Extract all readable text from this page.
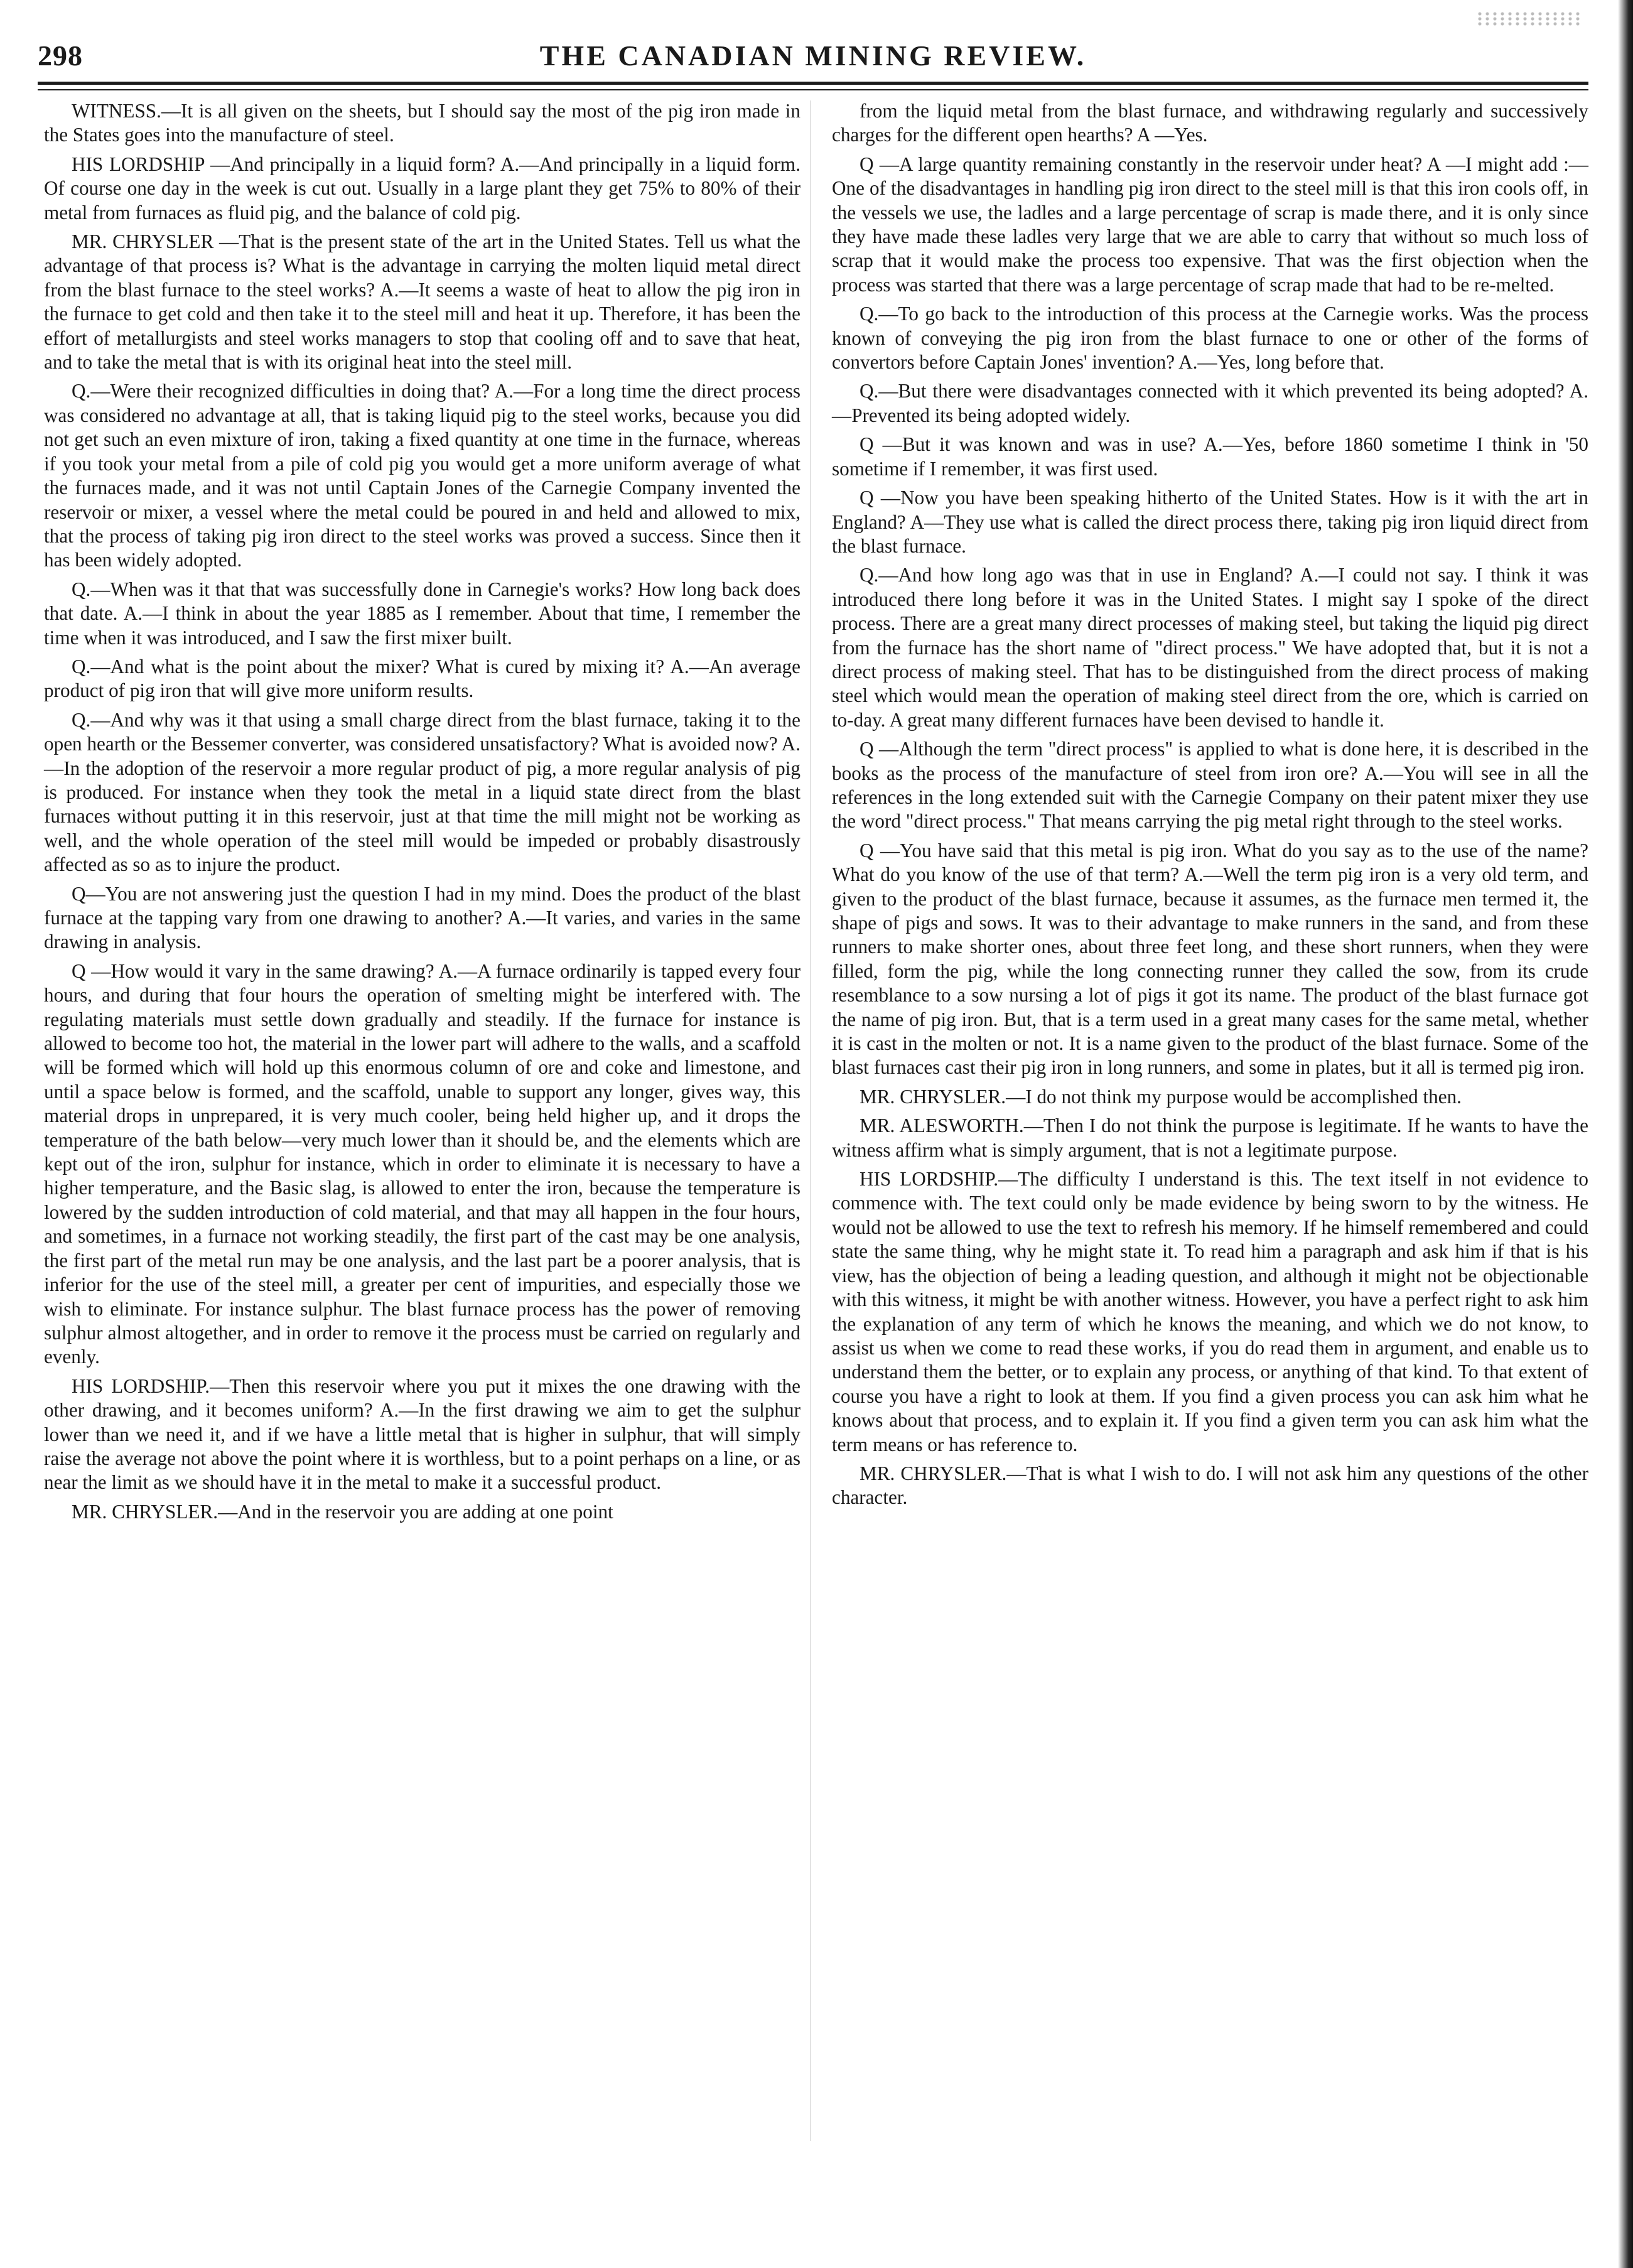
298	THE CANADIAN MINING REVIEW.

WITNESS.—It is all given on the sheets, but I should say the most of the pig iron made in the States goes into the manufacture of steel.

HIS LORDSHIP —And principally in a liquid form? A.—And principally in a liquid form. Of course one day in the week is cut out. Usually in a large plant they get 75% to 80% of their metal from furnaces as fluid pig, and the balance of cold pig.

MR. CHRYSLER —That is the present state of the art in the United States. Tell us what the advantage of that process is? What is the advantage in carrying the molten liquid metal direct from the blast furnace to the steel works? A.—It seems a waste of heat to allow the pig iron in the furnace to get cold and then take it to the steel mill and heat it up. Therefore, it has been the effort of metallurgists and steel works managers to stop that cooling off and to save that heat, and to take the metal that is with its original heat into the steel mill.

Q.—Were their recognized difficulties in doing that? A.—For a long time the direct process was considered no advantage at all, that is taking liquid pig to the steel works, because you did not get such an even mixture of iron, taking a fixed quantity at one time in the furnace, whereas if you took your metal from a pile of cold pig you would get a more uniform average of what the furnaces made, and it was not until Captain Jones of the Carnegie Company invented the reservoir or mixer, a vessel where the metal could be poured in and held and allowed to mix, that the process of taking pig iron direct to the steel works was proved a success. Since then it has been widely adopted.

Q.—When was it that that was successfully done in Carnegie's works? How long back does that date. A.—I think in about the year 1885 as I remember. About that time, I remember the time when it was introduced, and I saw the first mixer built.

Q.—And what is the point about the mixer? What is cured by mixing it? A.—An average product of pig iron that will give more uniform results.

Q.—And why was it that using a small charge direct from the blast furnace, taking it to the open hearth or the Bessemer converter, was considered unsatisfactory? What is avoided now? A.—In the adoption of the reservoir a more regular product of pig, a more regular analysis of pig is produced. For instance when they took the metal in a liquid state direct from the blast furnaces without putting it in this reservoir, just at that time the mill might not be working as well, and the whole operation of the steel mill would be impeded or probably disastrously affected as so as to injure the product.

Q—You are not answering just the question I had in my mind. Does the product of the blast furnace at the tapping vary from one drawing to another? A.—It varies, and varies in the same drawing in analysis.

Q —How would it vary in the same drawing? A.—A furnace ordinarily is tapped every four hours, and during that four hours the operation of smelting might be interfered with. The regulating materials must settle down gradually and steadily. If the furnace for instance is allowed to become too hot, the material in the lower part will adhere to the walls, and a scaffold will be formed which will hold up this enormous column of ore and coke and limestone, and until a space below is formed, and the scaffold, unable to support any longer, gives way, this material drops in unprepared, it is very much cooler, being held higher up, and it drops the temperature of the bath below—very much lower than it should be, and the elements which are kept out of the iron, sulphur for instance, which in order to eliminate it is necessary to have a higher temperature, and the Basic slag, is allowed to enter the iron, because the temperature is lowered by the sudden introduction of cold material, and that may all happen in the four hours, and sometimes, in a furnace not working steadily, the first part of the cast may be one analysis, the first part of the metal run may be one analysis, and the last part be a poorer analysis, that is inferior for the use of the steel mill, a greater per cent of impurities, and especially those we wish to eliminate. For instance sulphur. The blast furnace process has the power of removing sulphur almost altogether, and in order to remove it the process must be carried on regularly and evenly.

HIS LORDSHIP.—Then this reservoir where you put it mixes the one drawing with the other drawing, and it becomes uniform? A.—In the first drawing we aim to get the sulphur lower than we need it, and if we have a little metal that is higher in sulphur, that will simply raise the average not above the point where it is worthless, but to a point perhaps on a line, or as near the limit as we should have it in the metal to make it a successful product.

MR. CHRYSLER.—And in the reservoir you are adding at one point

from the liquid metal from the blast furnace, and withdrawing regularly and successively charges for the different open hearths? A —Yes.

Q —A large quantity remaining constantly in the reservoir under heat? A —I might add :—One of the disadvantages in handling pig iron direct to the steel mill is that this iron cools off, in the vessels we use, the ladles and a large percentage of scrap is made there, and it is only since they have made these ladles very large that we are able to carry that without so much loss of scrap that it would make the process too expensive. That was the first objection when the process was started that there was a large percentage of scrap made that had to be re-melted.

Q.—To go back to the introduction of this process at the Carnegie works. Was the process known of conveying the pig iron from the blast furnace to one or other of the forms of convertors before Captain Jones' invention? A.—Yes, long before that.

Q.—But there were disadvantages connected with it which prevented its being adopted? A.—Prevented its being adopted widely.

Q —But it was known and was in use? A.—Yes, before 1860 sometime I think in '50 sometime if I remember, it was first used.

Q —Now you have been speaking hitherto of the United States. How is it with the art in England? A—They use what is called the direct process there, taking pig iron liquid direct from the blast furnace.

Q.—And how long ago was that in use in England? A.—I could not say. I think it was introduced there long before it was in the United States. I might say I spoke of the direct process. There are a great many direct processes of making steel, but taking the liquid pig direct from the furnace has the short name of "direct process." We have adopted that, but it is not a direct process of making steel. That has to be distinguished from the direct process of making steel which would mean the operation of making steel direct from the ore, which is carried on to-day. A great many different furnaces have been devised to handle it.

Q —Although the term "direct process" is applied to what is done here, it is described in the books as the process of the manufacture of steel from iron ore? A.—You will see in all the references in the long extended suit with the Carnegie Company on their patent mixer they use the word "direct process." That means carrying the pig metal right through to the steel works.

Q —You have said that this metal is pig iron. What do you say as to the use of the name? What do you know of the use of that term? A.—Well the term pig iron is a very old term, and given to the product of the blast furnace, because it assumes, as the furnace men termed it, the shape of pigs and sows. It was to their advantage to make runners in the sand, and from these runners to make shorter ones, about three feet long, and these short runners, when they were filled, form the pig, while the long connecting runner they called the sow, from its crude resemblance to a sow nursing a lot of pigs it got its name. The product of the blast furnace got the name of pig iron. But, that is a term used in a great many cases for the same metal, whether it is cast in the molten or not. It is a name given to the product of the blast furnace. Some of the blast furnaces cast their pig iron in long runners, and some in plates, but it all is termed pig iron.

MR. CHRYSLER.—I do not think my purpose would be accomplished then.

MR. ALESWORTH.—Then I do not think the purpose is legitimate. If he wants to have the witness affirm what is simply argument, that is not a legitimate purpose.

HIS LORDSHIP.—The difficulty I understand is this. The text itself in not evidence to commence with. The text could only be made evidence by being sworn to by the witness. He would not be allowed to use the text to refresh his memory. If he himself remembered and could state the same thing, why he might state it. To read him a paragraph and ask him if that is his view, has the objection of being a leading question, and although it might not be objectionable with this witness, it might be with another witness. However, you have a perfect right to ask him the explanation of any term of which he knows the meaning, and which we do not know, to assist us when we come to read these works, if you do read them in argument, and enable us to understand them the better, or to explain any process, or anything of that kind. To that extent of course you have a right to look at them. If you find a given process you can ask him what he knows about that process, and to explain it. If you find a given term you can ask him what the term means or has reference to.

MR. CHRYSLER.—That is what I wish to do. I will not ask him any questions of the other character.
